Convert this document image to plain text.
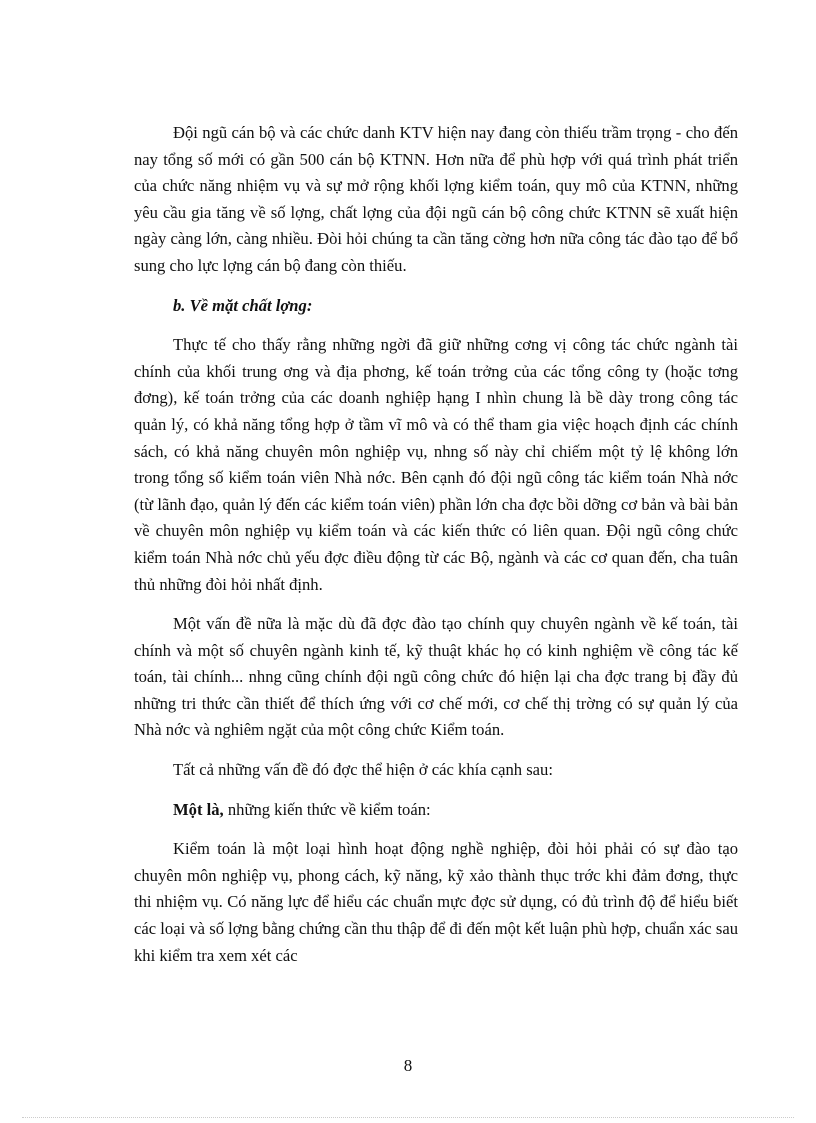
Đội ngũ cán bộ và các chức danh KTV hiện nay đang còn thiếu trầm trọng - cho đến nay tổng số mới có gần 500 cán bộ KTNN. Hơn nữa để phù hợp với quá trình phát triển của chức năng nhiệm vụ và sự mở rộng khối lợng kiểm toán, quy mô của KTNN, những yêu cầu gia tăng về số lợng, chất lợng của đội ngũ cán bộ công chức KTNN sẽ xuất hiện ngày càng lớn, càng nhiều. Đòi hỏi chúng ta cần tăng cờng hơn nữa công tác đào tạo để bổ sung cho lực lợng cán bộ đang còn thiếu.

b. Về mặt chất lợng:

Thực tế cho thấy rằng những ngời đã giữ những cơng vị công tác chức ngành tài chính của khối trung ơng và địa phơng, kế toán trởng của các tổng công ty (hoặc tơng đơng), kế toán trởng của các doanh nghiệp hạng I nhìn chung là bề dày trong công tác quản lý, có khả năng tổng hợp ở tầm vĩ mô và có thể tham gia việc hoạch định các chính sách, có khả năng chuyên môn nghiệp vụ, nhng số này chỉ chiếm một tỷ lệ không lớn trong tổng số kiểm toán viên Nhà nớc. Bên cạnh đó đội ngũ công tác kiểm toán Nhà nớc (từ lãnh đạo, quản lý đến các kiểm toán viên) phần lớn cha đợc bồi dỡng cơ bản và bài bản về chuyên môn nghiệp vụ kiểm toán và các kiến thức có liên quan. Đội ngũ công chức kiểm toán Nhà nớc chủ yếu đợc điều động từ các Bộ, ngành và các cơ quan đến, cha tuân thủ những đòi hỏi nhất định.

Một vấn đề nữa là mặc dù đã đợc đào tạo chính quy chuyên ngành về kế toán, tài chính và một số chuyên ngành kinh tế, kỹ thuật khác họ có kinh nghiệm về công tác kế toán, tài chính... nhng cũng chính đội ngũ công chức đó hiện lại cha đợc trang bị đầy đủ những tri thức cần thiết để thích ứng với cơ chế mới, cơ chế thị trờng có sự quản lý của Nhà nớc và nghiêm ngặt của một công chức Kiểm toán.

Tất cả những vấn đề đó đợc thể hiện ở các khía cạnh sau:

Một là, những kiến thức về kiểm toán:

Kiểm toán là một loại hình hoạt động nghề nghiệp, đòi hỏi phải có sự đào tạo chuyên môn nghiệp vụ, phong cách, kỹ năng, kỹ xảo thành thục trớc khi đảm đơng, thực thi nhiệm vụ. Có năng lực để hiểu các chuẩn mực đợc sử dụng, có đủ trình độ để hiểu biết các loại và số lợng bằng chứng cần thu thập để đi đến một kết luận phù hợp, chuẩn xác sau khi kiểm tra xem xét các

8
